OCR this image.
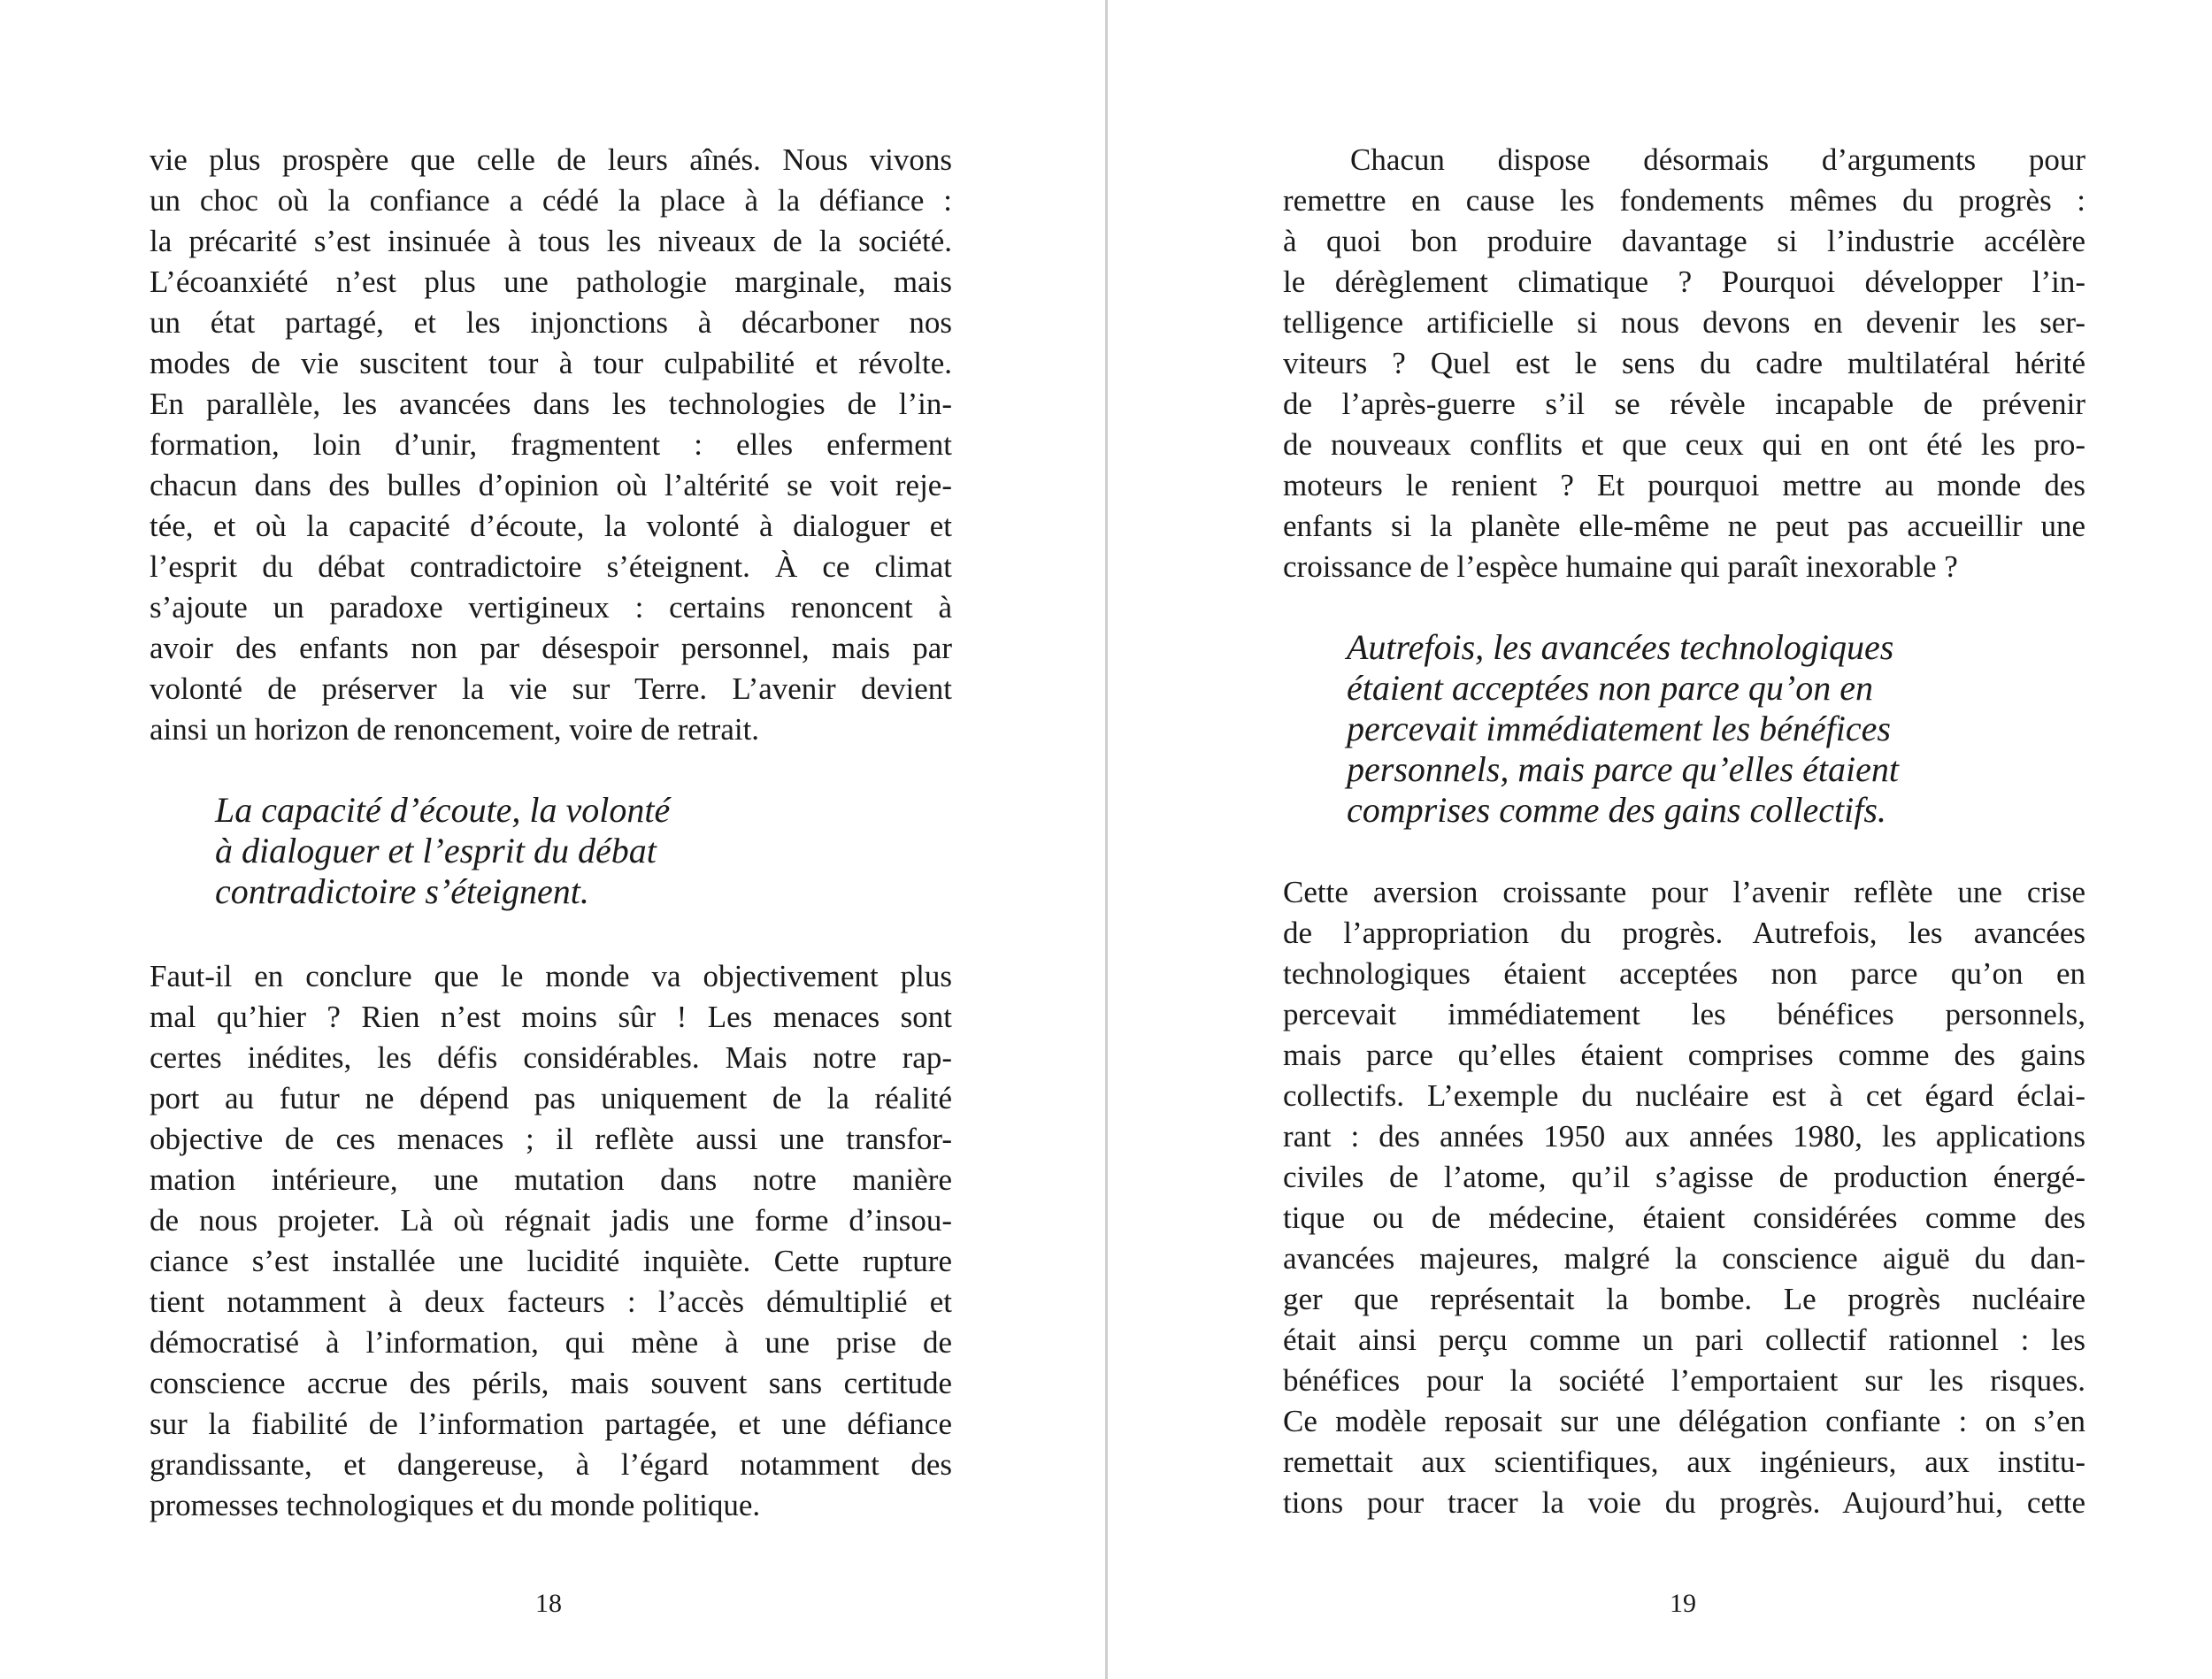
vie plus prospère que celle de leurs aînés. Nous vivons
un choc où la confiance a cédé la place à la défiance :
la précarité s’est insinuée à tous les niveaux de la société.
L’écoanxiété n’est plus une pathologie marginale, mais
un état partagé, et les injonctions à décarboner nos
modes de vie suscitent tour à tour culpabilité et révolte.
En parallèle, les avancées dans les technologies de l’in-
formation, loin d’unir, fragmentent : elles enferment
chacun dans des bulles d’opinion où l’altérité se voit reje-
tée, et où la capacité d’écoute, la volonté à dialoguer et
l’esprit du débat contradictoire s’éteignent. À ce climat
s’ajoute un paradoxe vertigineux : certains renoncent à
avoir des enfants non par désespoir personnel, mais par
volonté de préserver la vie sur Terre. L’avenir devient
ainsi un horizon de renoncement, voire de retrait.
La capacité d’écoute, la volonté
à dialoguer et l’esprit du débat
contradictoire s’éteignent.
Faut-il en conclure que le monde va objectivement plus
mal qu’hier ? Rien n’est moins sûr ! Les menaces sont
certes inédites, les défis considérables. Mais notre rap-
port au futur ne dépend pas uniquement de la réalité
objective de ces menaces ; il reflète aussi une transfor-
mation intérieure, une mutation dans notre manière
de nous projeter. Là où régnait jadis une forme d’insou-
ciance s’est installée une lucidité inquiète. Cette rupture
tient notamment à deux facteurs : l’accès démultiplié et
démocratisé à l’information, qui mène à une prise de
conscience accrue des périls, mais souvent sans certitude
sur la fiabilité de l’information partagée, et une défiance
grandissante, et dangereuse, à l’égard notamment des
promesses technologiques et du monde politique.
18
Chacun dispose désormais d’arguments pour
remettre en cause les fondements mêmes du progrès :
à quoi bon produire davantage si l’industrie accélère
le dérèglement climatique ? Pourquoi développer l’in-
telligence artificielle si nous devons en devenir les ser-
viteurs ? Quel est le sens du cadre multilatéral hérité
de l’après-guerre s’il se révèle incapable de prévenir
de nouveaux conflits et que ceux qui en ont été les pro-
moteurs le renient ? Et pourquoi mettre au monde des
enfants si la planète elle-même ne peut pas accueillir une
croissance de l’espèce humaine qui paraît inexorable ?
Autrefois, les avancées technologiques
étaient acceptées non parce qu’on en
percevait immédiatement les bénéfices
personnels, mais parce qu’elles étaient
comprises comme des gains collectifs.
Cette aversion croissante pour l’avenir reflète une crise
de l’appropriation du progrès. Autrefois, les avancées
technologiques étaient acceptées non parce qu’on en
percevait immédiatement les bénéfices personnels,
mais parce qu’elles étaient comprises comme des gains
collectifs. L’exemple du nucléaire est à cet égard éclai-
rant : des années 1950 aux années 1980, les applications
civiles de l’atome, qu’il s’agisse de production énergé-
tique ou de médecine, étaient considérées comme des
avancées majeures, malgré la conscience aiguë du dan-
ger que représentait la bombe. Le progrès nucléaire
était ainsi perçu comme un pari collectif rationnel : les
bénéfices pour la société l’emportaient sur les risques.
Ce modèle reposait sur une délégation confiante : on s’en
remettait aux scientifiques, aux ingénieurs, aux institu-
tions pour tracer la voie du progrès. Aujourd’hui, cette
19
